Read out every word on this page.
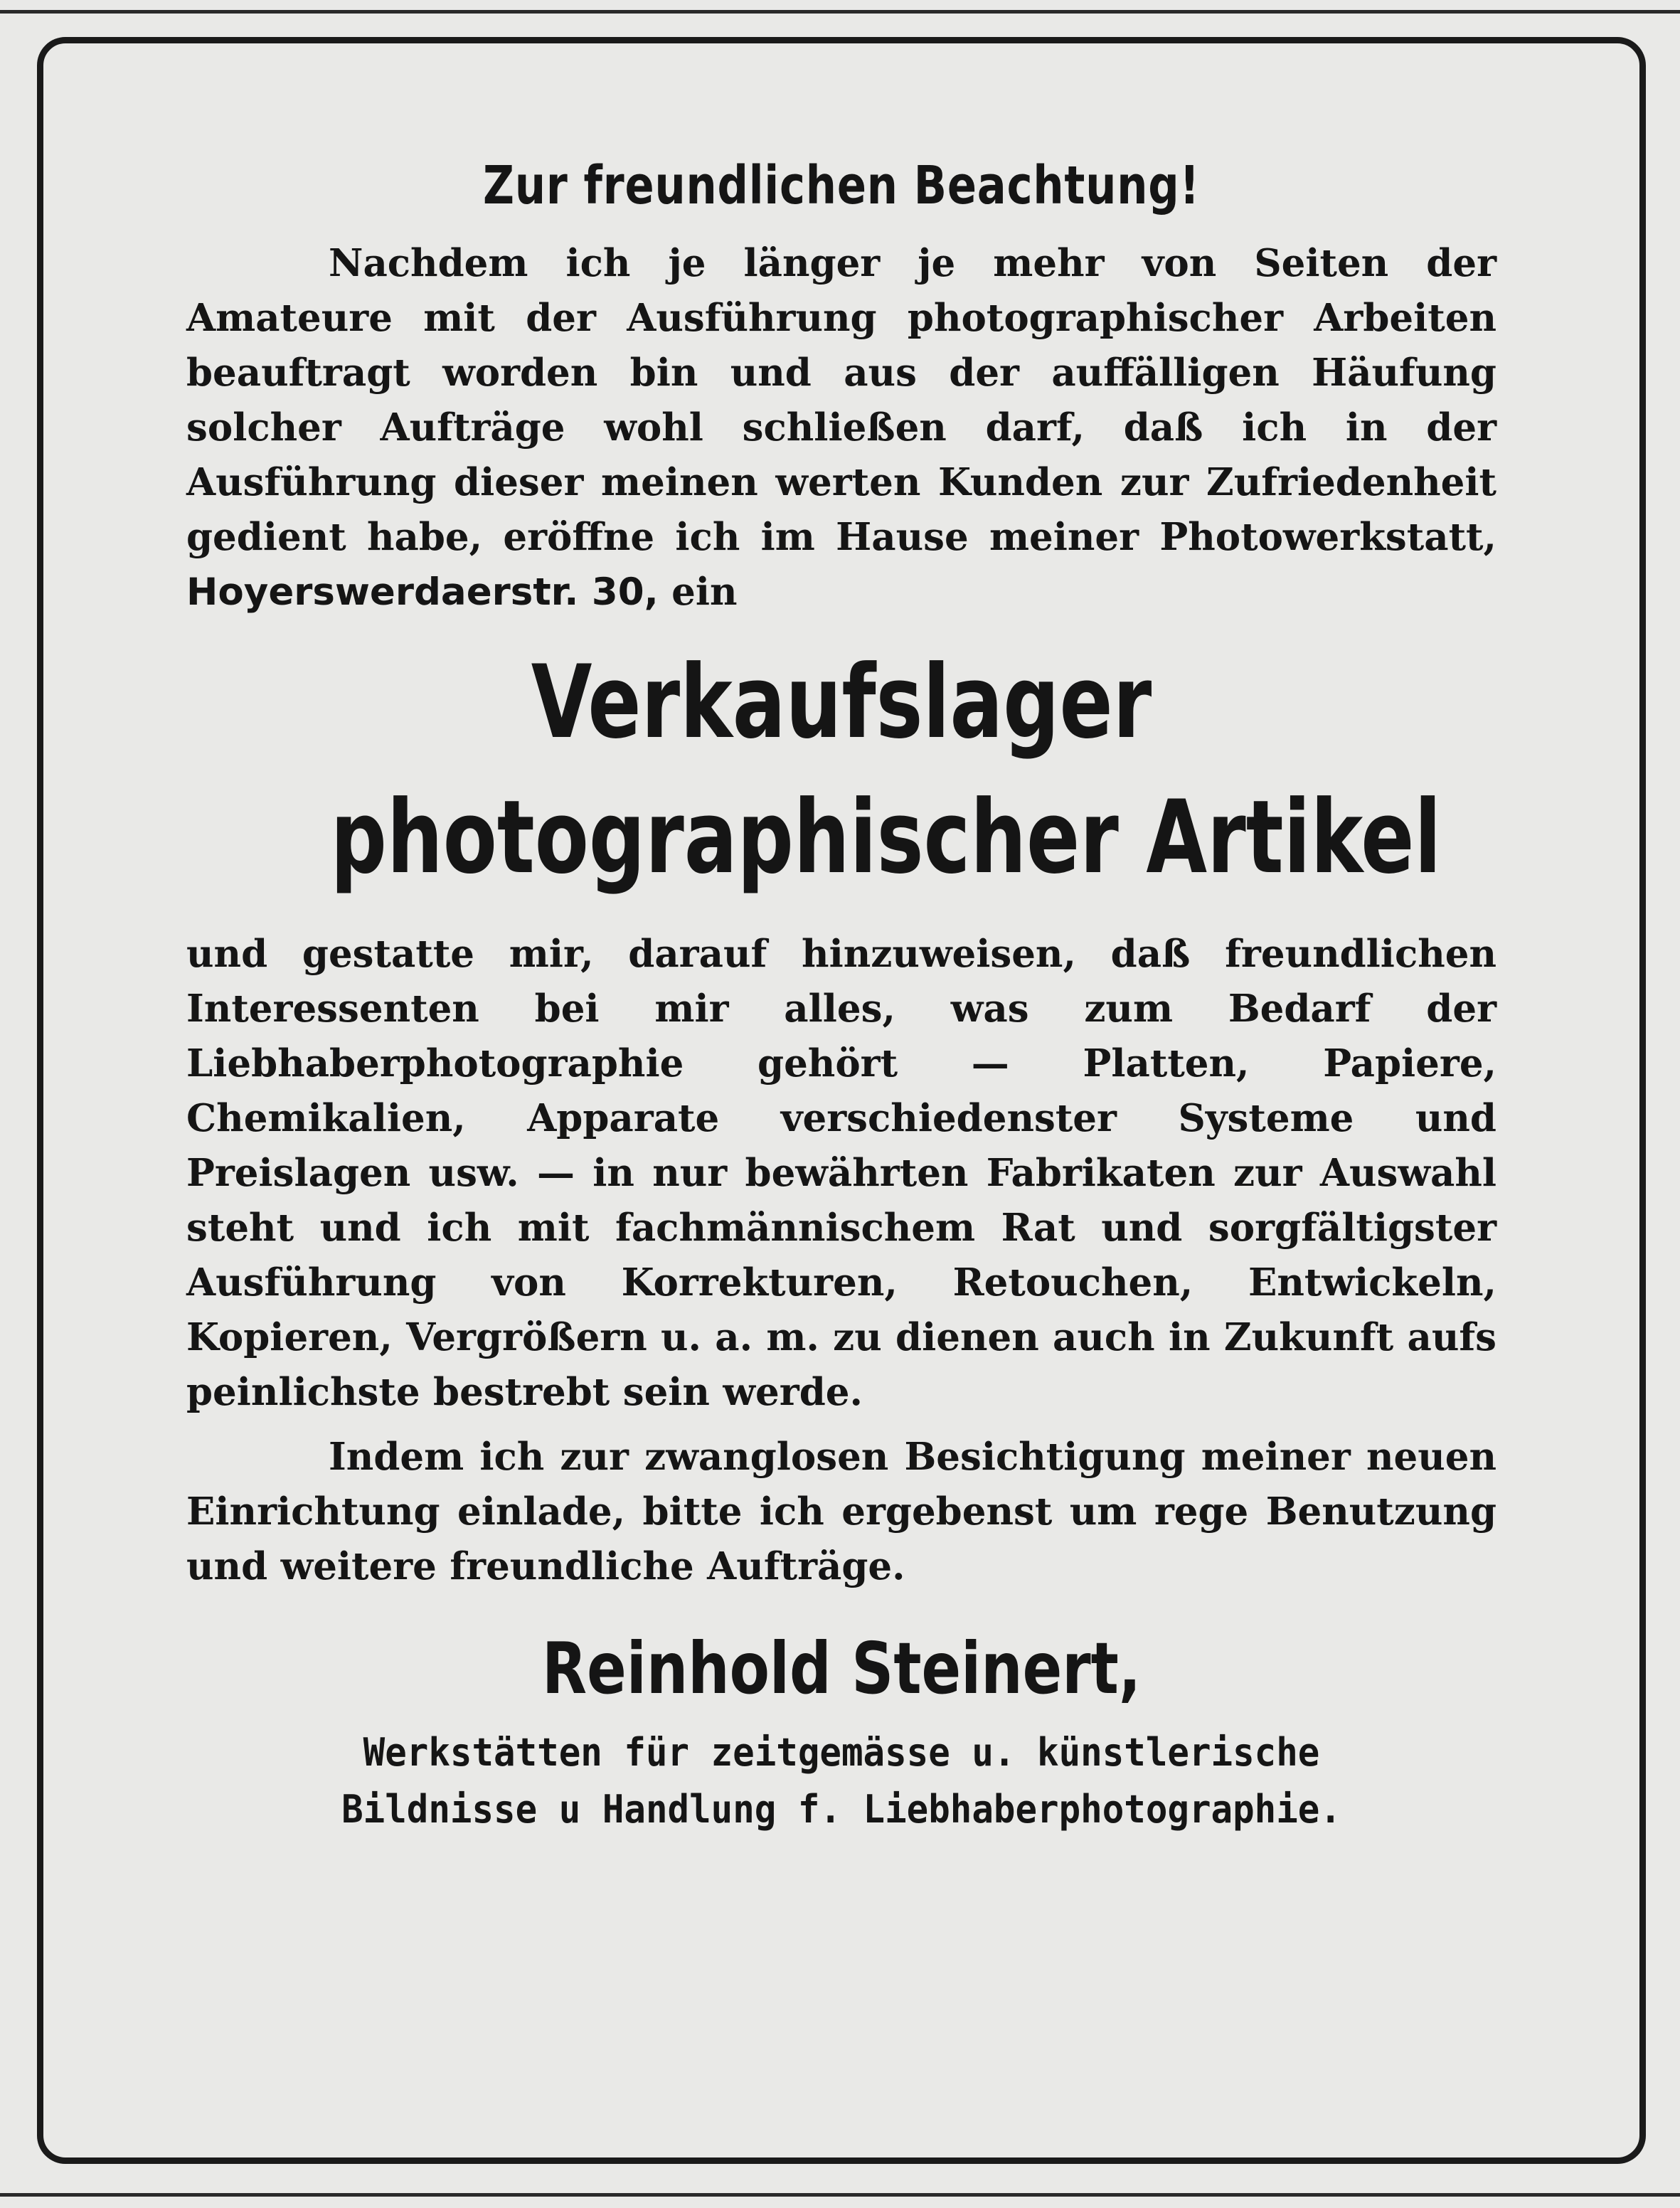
Zur freundlichen Beachtung!

Nachdem ich je länger je mehr von Seiten der Amateure mit der Ausführung photographischer Arbeiten beauftragt worden bin und aus der auffälligen Häufung solcher Aufträge wohl schließen darf, daß ich in der Ausführung dieser meinen werten Kunden zur Zufriedenheit gedient habe, eröffne ich im Hause meiner Photowerkstatt, Hoyerswerdaerstr. 30, ein

Verkaufslager
photographischer Artikel

und gestatte mir, darauf hinzuweisen, daß freundlichen Interessenten bei mir alles, was zum Bedarf der Liebhaberphotographie gehört — Platten, Papiere, Chemikalien, Apparate verschiedenster Systeme und Preislagen usw. — in nur bewährten Fabrikaten zur Auswahl steht und ich mit fachmännischem Rat und sorgfältigster Ausführung von Korrekturen, Retouchen, Entwickeln, Kopieren, Vergrößern u. a. m. zu dienen auch in Zukunft aufs peinlichste bestrebt sein werde.

Indem ich zur zwanglosen Besichtigung meiner neuen Einrichtung einlade, bitte ich ergebenst um rege Benutzung und weitere freundliche Aufträge.

Reinhold Steinert,
Werkstätten für zeitgemässe u. künstlerische
Bildnisse u Handlung f. Liebhaberphotographie.
